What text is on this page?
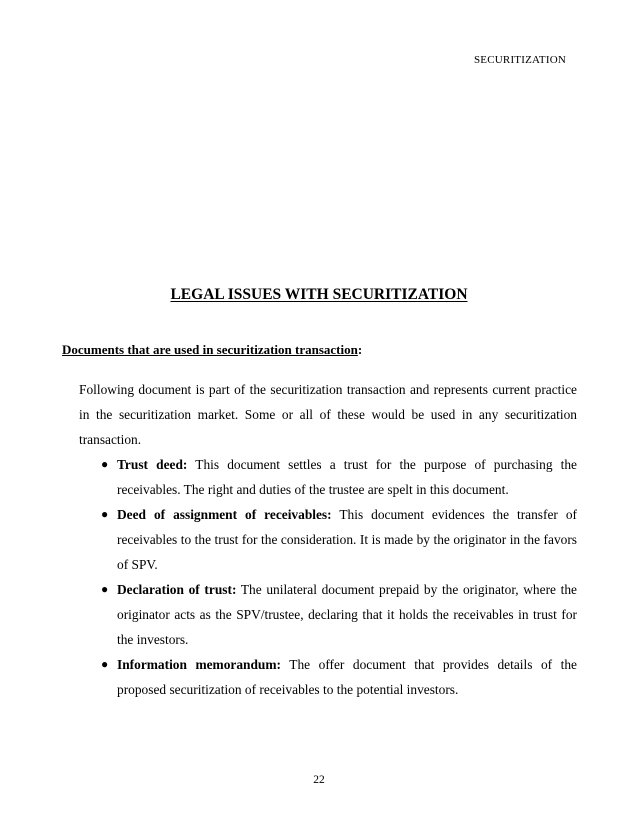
SECURITIZATION
LEGAL ISSUES WITH SECURITIZATION
Documents that are used in securitization transaction:

Following document is part of the securitization transaction and represents current practice in the securitization market. Some or all of these would be used in any securitization transaction.

● Trust deed: This document settles a trust for the purpose of purchasing the receivables. The right and duties of the trustee are spelt in this document.
● Deed of assignment of receivables: This document evidences the transfer of receivables to the trust for the consideration. It is made by the originator in the favors of SPV.
● Declaration of trust: The unilateral document prepaid by the originator, where the originator acts as the SPV/trustee, declaring that it holds the receivables in trust for the investors.
● Information memorandum: The offer document that provides details of the proposed securitization of receivables to the potential investors.
22
